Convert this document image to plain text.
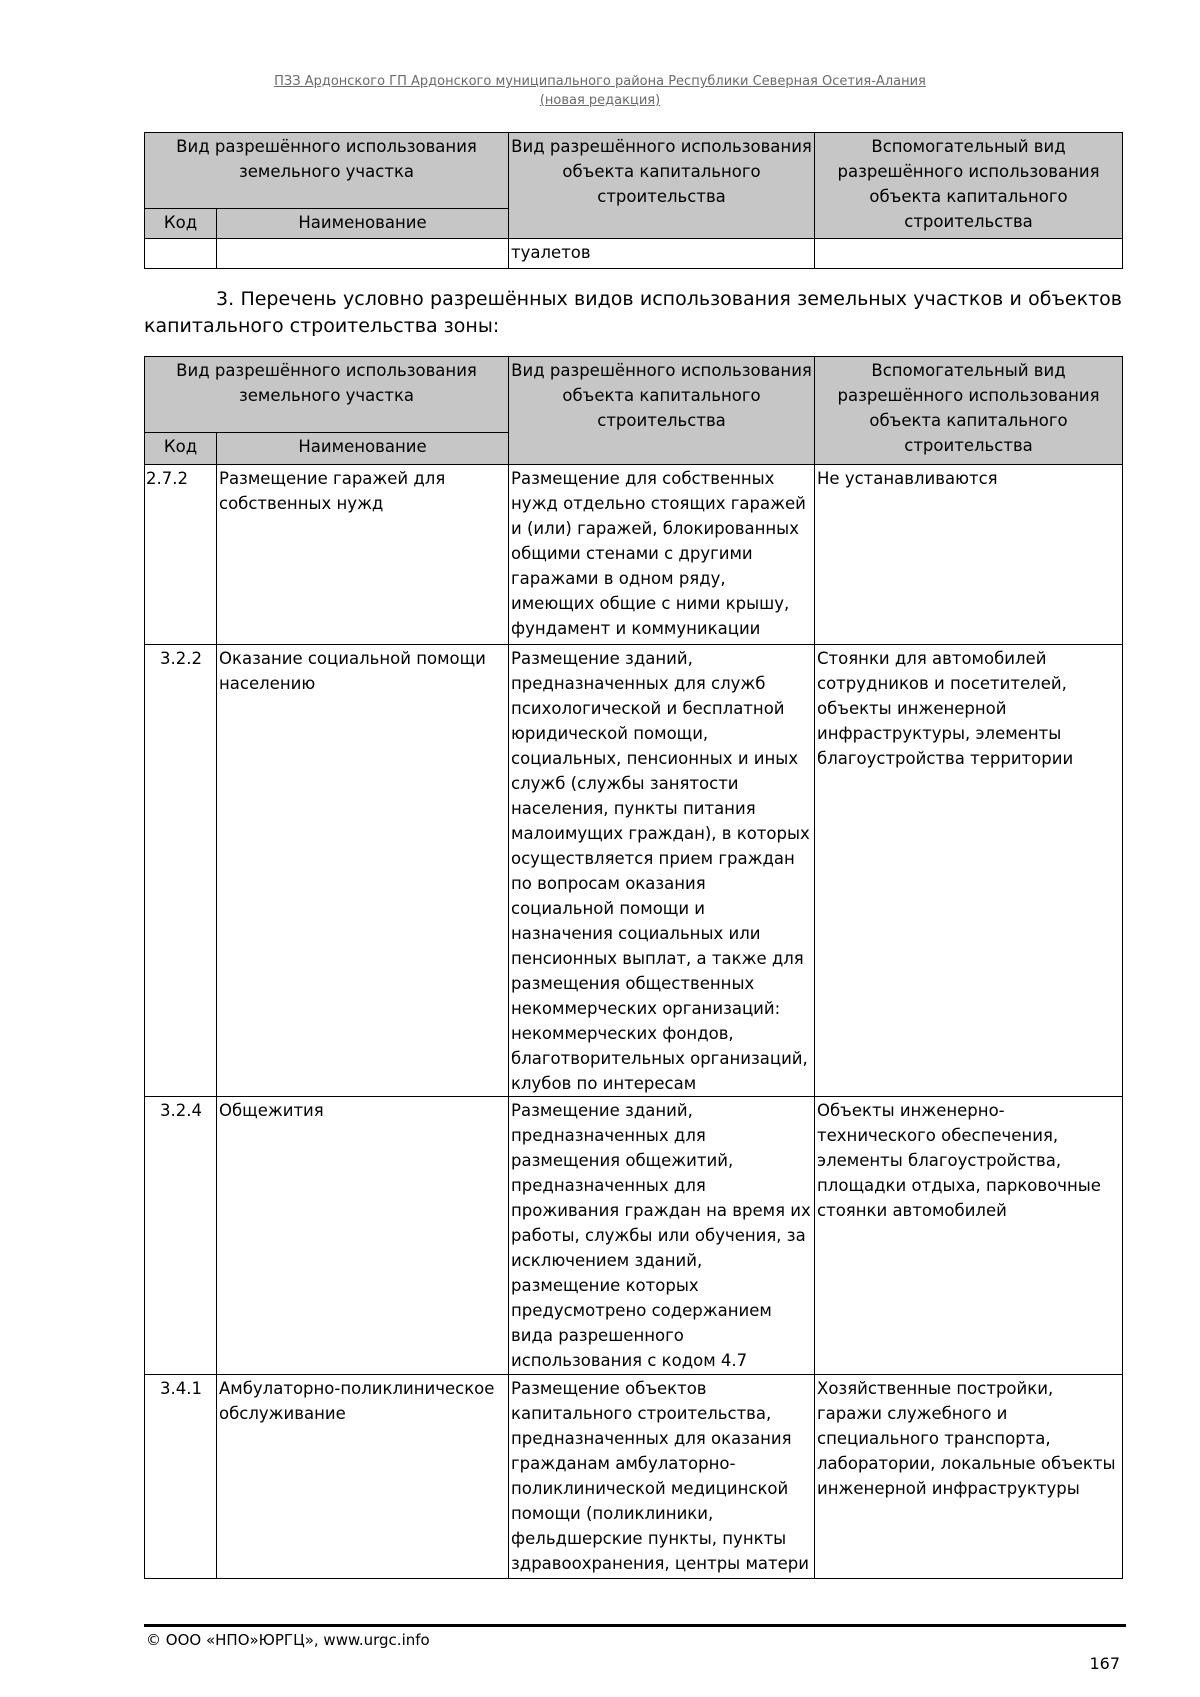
ПЗЗ Ардонского ГП Ардонского муниципального района Республики Северная Осетия-Алания
(новая редакция)
Вид разрешённого использования земельного участка		Вид разрешённого использования объекта капитального строительства	Вспомогательный вид разрешённого использования объекта капитального строительства
Код	Наименование		
		туалетов	
3. Перечень условно разрешённых видов использования земельных участков и объектов капитального строительства зоны:
Вид разрешённого использования земельного участка		Вид разрешённого использования объекта капитального строительства	Вспомогательный вид разрешённого использования объекта капитального строительства
Код	Наименование		
2.7.2	Размещение гаражей для собственных нужд	Размещение для собственных нужд отдельно стоящих гаражей и (или) гаражей, блокированных общими стенами с другими гаражами в одном ряду, имеющих общие с ними крышу, фундамент и коммуникации	Не устанавливаются
3.2.2	Оказание социальной помощи населению	Размещение зданий, предназначенных для служб психологической и бесплатной юридической помощи, социальных, пенсионных и иных служб (службы занятости населения, пункты питания малоимущих граждан), в которых осуществляется прием граждан по вопросам оказания социальной помощи и назначения социальных или пенсионных выплат, а также для размещения общественных некоммерческих организаций: некоммерческих фондов, благотворительных организаций, клубов по интересам	Стоянки для автомобилей сотрудников и посетителей, объекты инженерной инфраструктуры, элементы благоустройства территории
3.2.4	Общежития	Размещение зданий, предназначенных для размещения общежитий, предназначенных для проживания граждан на время их работы, службы или обучения, за исключением зданий, размещение которых предусмотрено содержанием вида разрешенного использования с кодом 4.7	Объекты инженерно-технического обеспечения, элементы благоустройства, площадки отдыха, парковочные стоянки автомобилей
3.4.1	Амбулаторно-поликлиническое обслуживание	Размещение объектов капитального строительства, предназначенных для оказания гражданам амбулаторно-поликлинической медицинской помощи (поликлиники, фельдшерские пункты, пункты здравоохранения, центры матери	Хозяйственные постройки, гаражи служебного и специального транспорта, лаборатории, локальные объекты инженерной инфраструктуры
© ООО «НПО»ЮРГЦ», www.urgc.info
167
